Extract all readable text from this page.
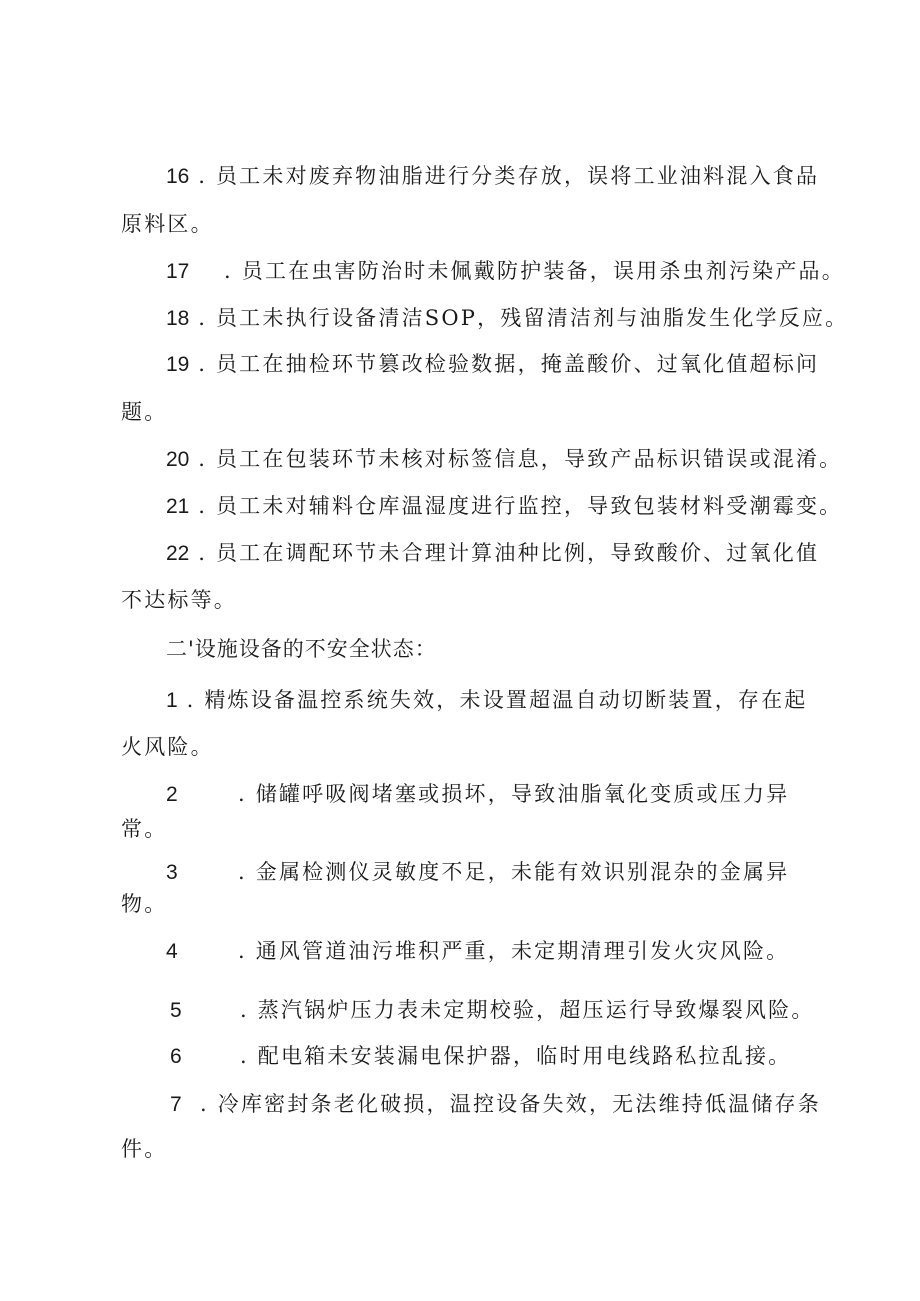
16 . 员工未对废弃物油脂进行分类存放，误将工业油料混入食品
原料区。
17 . 员工在虫害防治时未佩戴防护装备，误用杀虫剂污染产品。
18 . 员工未执行设备清洁SOP，残留清洁剂与油脂发生化学反应。
19 . 员工在抽检环节篡改检验数据，掩盖酸价、过氧化值超标问
题。
20 . 员工在包装环节未核对标签信息，导致产品标识错误或混淆。
21 . 员工未对辅料仓库温湿度进行监控，导致包装材料受潮霉变。
22 . 员工在调配环节未合理计算油种比例，导致酸价、过氧化值
不达标等。
二'设施设备的不安全状态：
1 . 精炼设备温控系统失效，未设置超温自动切断装置，存在起
火风险。
2	. 储罐呼吸阀堵塞或损坏，导致油脂氧化变质或压力异
常。
3	. 金属检测仪灵敏度不足，未能有效识别混杂的金属异
物。
4	. 通风管道油污堆积严重，未定期清理引发火灾风险。
5	. 蒸汽锅炉压力表未定期校验，超压运行导致爆裂风险。
6	. 配电箱未安装漏电保护器，临时用电线路私拉乱接。
7 . 冷库密封条老化破损，温控设备失效，无法维持低温储存条
件。
